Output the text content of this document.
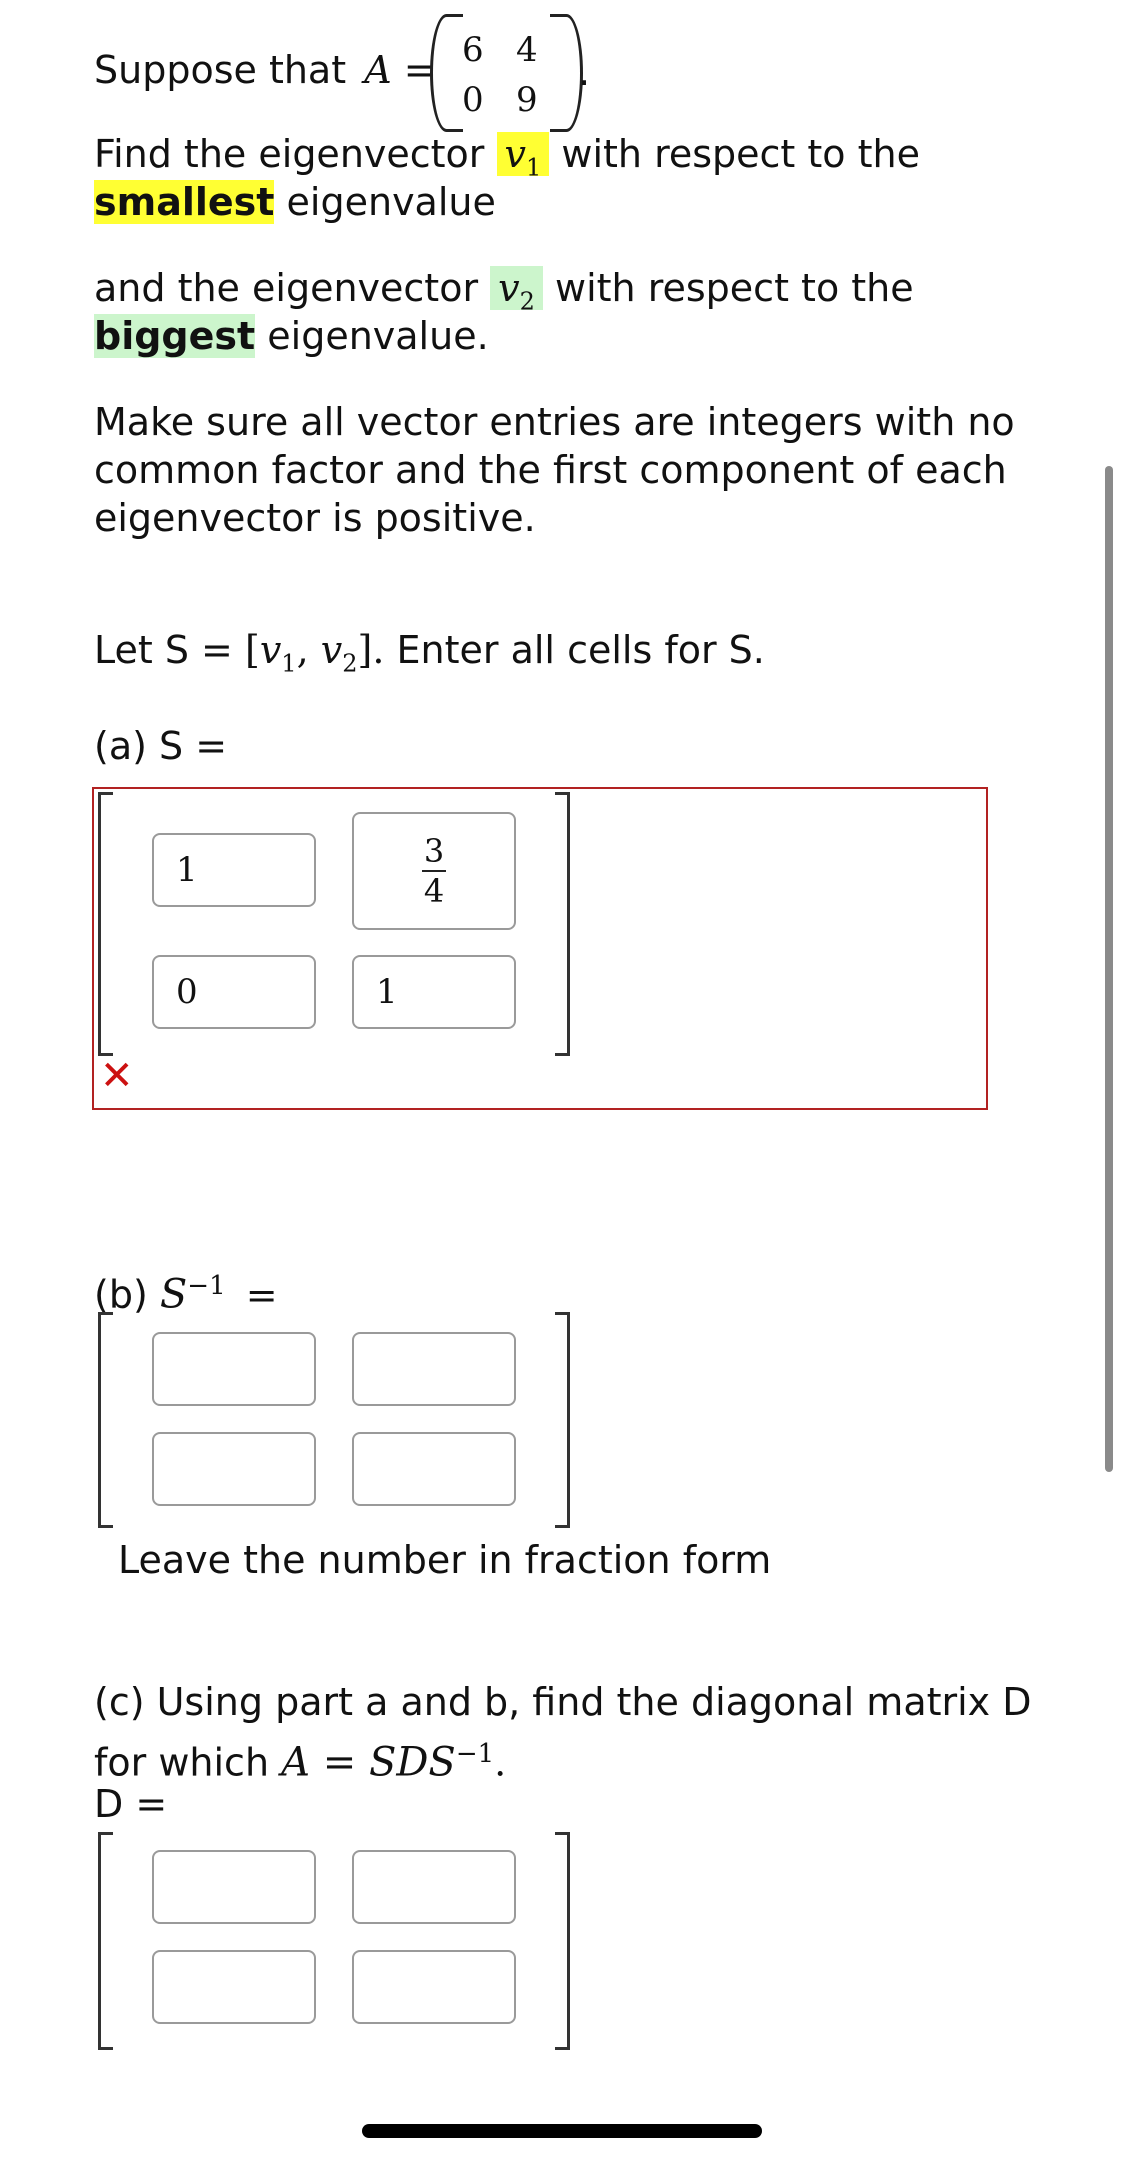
Suppose that A = 6 4
0 9
.
Find the eigenvector $v_1$ with respect to the
smallest eigenvalue
and the eigenvector $v_2$ with respect to the
biggest eigenvalue.
Make sure all vector entries are integers with no
common factor and the first component of each
eigenvector is positive.
Let $S = [v_1$, $v_2$]. Enter all cells for S.
(a) S =
1	3
4
0	1
✕
(b) $S^{-1}$ =
Leave the number in fraction form
(c) Using part a and b, find the diagonal matrix D
for which $A = SDS^{-1}$.
D =
